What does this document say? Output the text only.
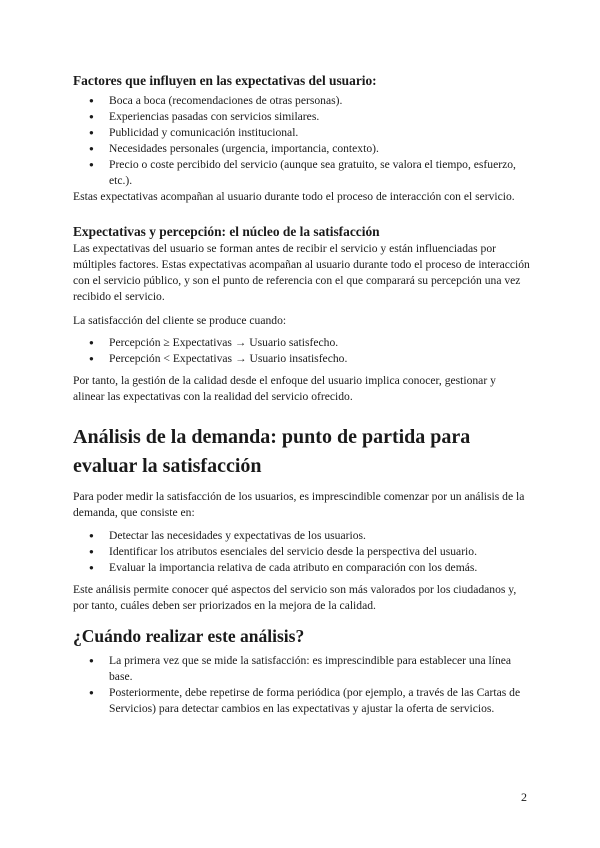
Factores que influyen en las expectativas del usuario:
● Boca a boca (recomendaciones de otras personas).
● Experiencias pasadas con servicios similares.
● Publicidad y comunicación institucional.
● Necesidades personales (urgencia, importancia, contexto).
● Precio o coste percibido del servicio (aunque sea gratuito, se valora el tiempo, esfuerzo, etc.).

Estas expectativas acompañan al usuario durante todo el proceso de interacción con el servicio.

Expectativas y percepción: el núcleo de la satisfacción

Las expectativas del usuario se forman antes de recibir el servicio y están influenciadas por múltiples factores. Estas expectativas acompañan al usuario durante todo el proceso de interacción con el servicio público, y son el punto de referencia con el que comparará su percepción una vez recibido el servicio.

La satisfacción del cliente se produce cuando:

● Percepción ≥ Expectativas → Usuario satisfecho.
● Percepción < Expectativas → Usuario insatisfecho.

Por tanto, la gestión de la calidad desde el enfoque del usuario implica conocer, gestionar y alinear las expectativas con la realidad del servicio ofrecido.

Análisis de la demanda: punto de partida para evaluar la satisfacción

Para poder medir la satisfacción de los usuarios, es imprescindible comenzar por un análisis de la demanda, que consiste en:

● Detectar las necesidades y expectativas de los usuarios.
● Identificar los atributos esenciales del servicio desde la perspectiva del usuario.
● Evaluar la importancia relativa de cada atributo en comparación con los demás.

Este análisis permite conocer qué aspectos del servicio son más valorados por los ciudadanos y, por tanto, cuáles deben ser priorizados en la mejora de la calidad.

¿Cuándo realizar este análisis?
● La primera vez que se mide la satisfacción: es imprescindible para establecer una línea base.
● Posteriormente, debe repetirse de forma periódica (por ejemplo, a través de las Cartas de Servicios) para detectar cambios en las expectativas y ajustar la oferta de servicios.
2
